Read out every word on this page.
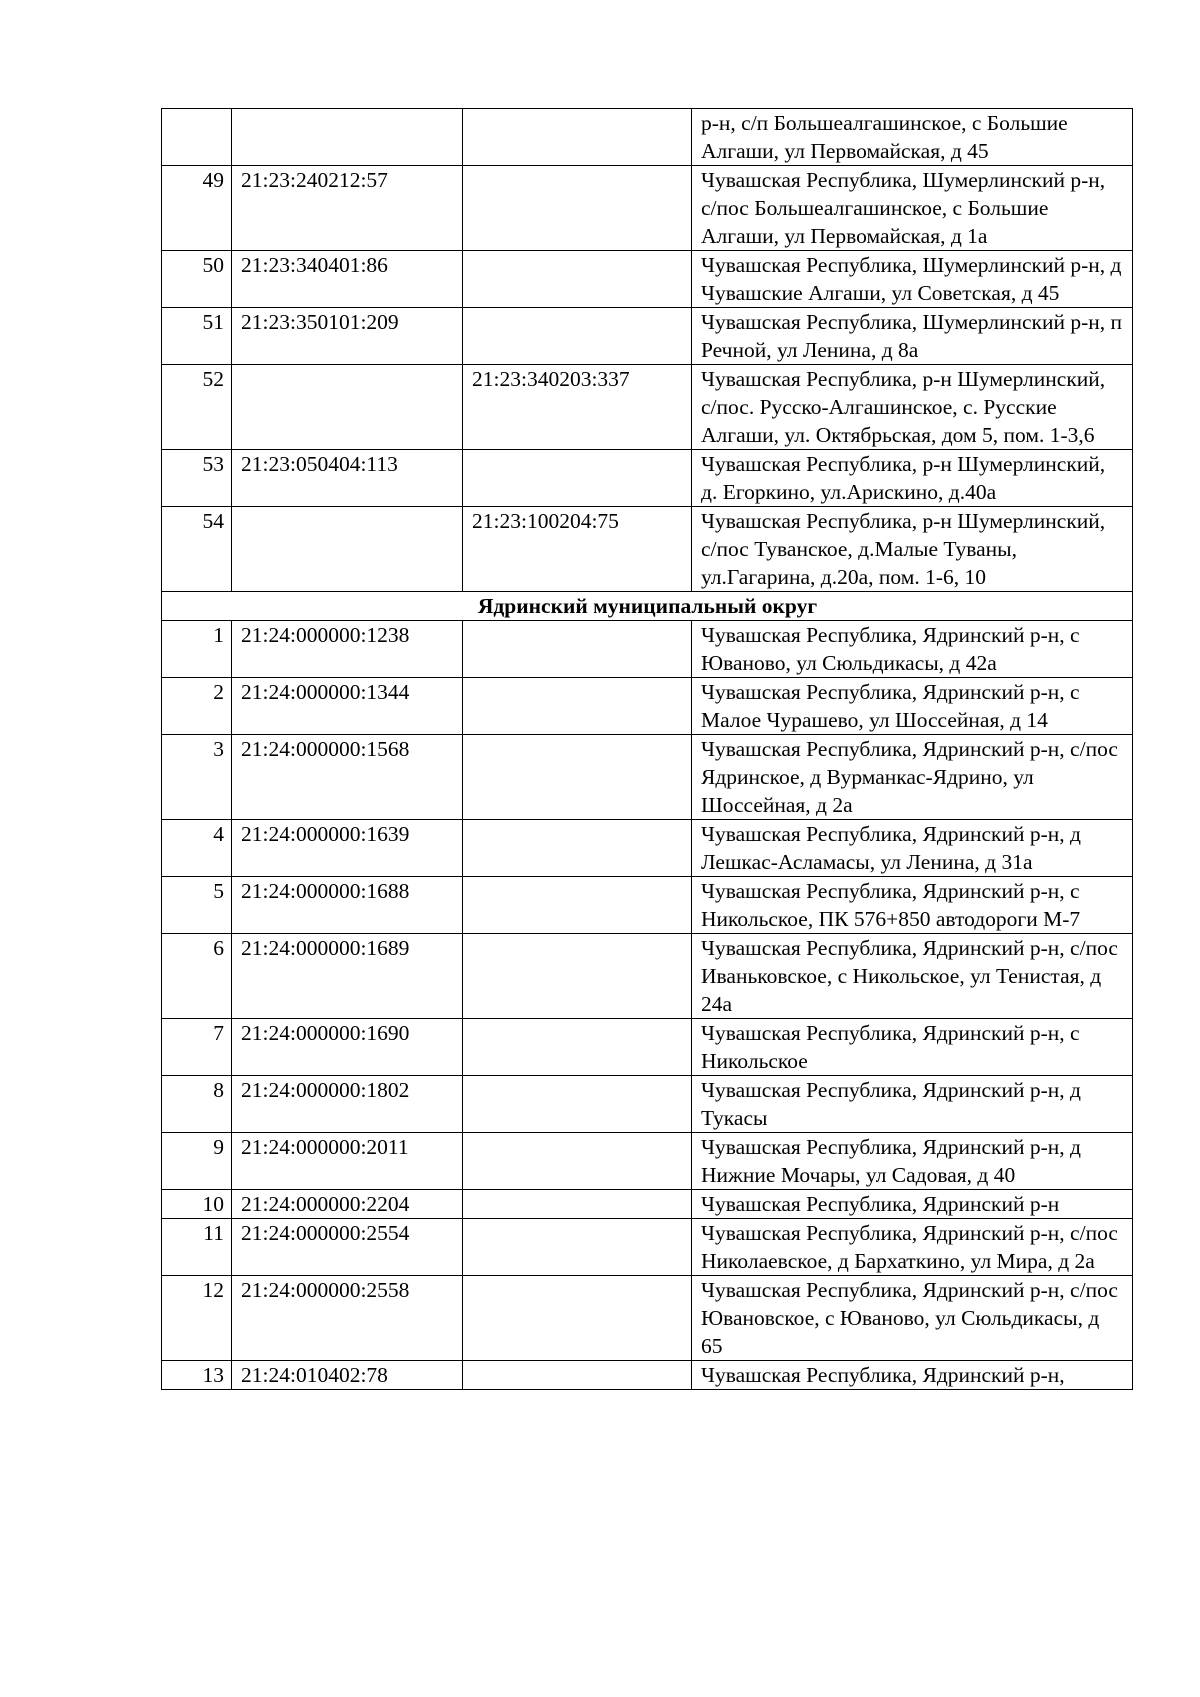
			р-н, с/п Большеалгашинское, с Большие Алгаши, ул Первомайская, д 45
49	21:23:240212:57		Чувашская Республика, Шумерлинский р-н, с/пос Большеалгашинское, с Большие Алгаши, ул Первомайская, д 1а
50	21:23:340401:86		Чувашская Республика, Шумерлинский р-н, д Чувашские Алгаши, ул Советская, д 45
51	21:23:350101:209		Чувашская Республика, Шумерлинский р-н, п Речной, ул Ленина, д 8а
52		21:23:340203:337	Чувашская Республика, р-н Шумерлинский, с/пос. Русско-Алгашинское, с. Русские Алгаши, ул. Октябрьская, дом 5, пом. 1-3,6
53	21:23:050404:113		Чувашская Республика, р-н Шумерлинский, д. Егоркино, ул.Арискино, д.40а
54		21:23:100204:75	Чувашская Республика, р-н Шумерлинский, с/пос Туванское, д.Малые Туваны, ул.Гагарина, д.20а, пом. 1-6, 10
Ядринский муниципальный округ			
1	21:24:000000:1238		Чувашская Республика, Ядринский р-н, с Юваново, ул Сюльдикасы, д 42а
2	21:24:000000:1344		Чувашская Республика, Ядринский р-н, с Малое Чурашево, ул Шоссейная, д 14
3	21:24:000000:1568		Чувашская Республика, Ядринский р-н, с/пос Ядринское, д Вурманкас-Ядрино, ул Шоссейная, д 2а
4	21:24:000000:1639		Чувашская Республика, Ядринский р-н, д Лешкас-Асламасы, ул Ленина, д 31а
5	21:24:000000:1688		Чувашская Республика, Ядринский р-н, с Никольское, ПК 576+850 автодороги М-7
6	21:24:000000:1689		Чувашская Республика, Ядринский р-н, с/пос Иваньковское, с Никольское, ул Тенистая, д 24а
7	21:24:000000:1690		Чувашская Республика, Ядринский р-н, с Никольское
8	21:24:000000:1802		Чувашская Республика, Ядринский р-н, д Тукасы
9	21:24:000000:2011		Чувашская Республика, Ядринский р-н, д Нижние Мочары, ул Садовая, д 40
10	21:24:000000:2204		Чувашская Республика, Ядринский р-н
11	21:24:000000:2554		Чувашская Республика, Ядринский р-н, с/пос Николаевское, д Бархаткино, ул Мира, д 2а
12	21:24:000000:2558		Чувашская Республика, Ядринский р-н, с/пос Ювановское, с Юваново, ул Сюльдикасы, д 65
13	21:24:010402:78		Чувашская Республика, Ядринский р-н,
